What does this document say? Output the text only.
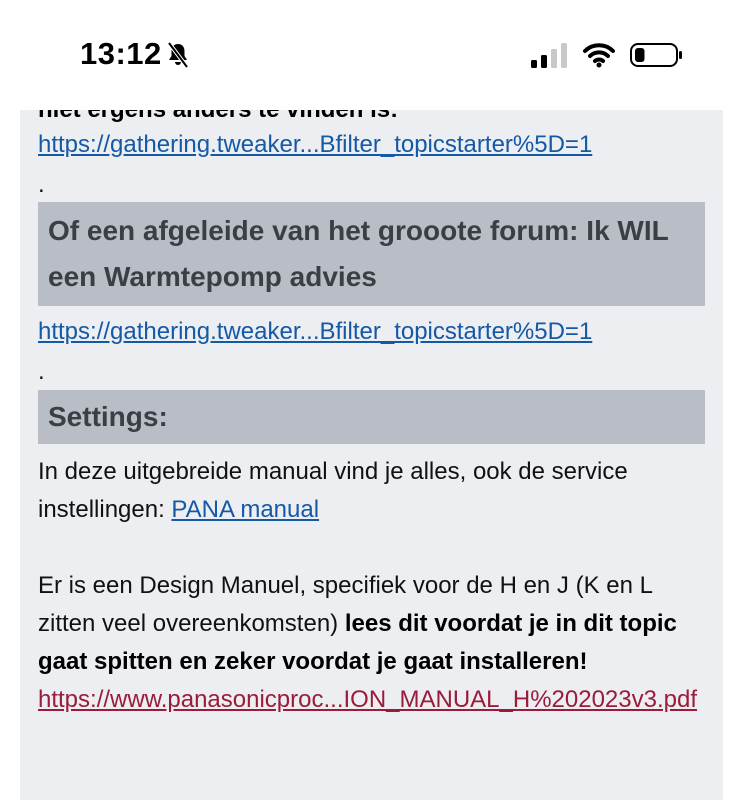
13:12
https://gathering.tweaker...Bfilter_topicstarter%5D=1
.
Of een afgeleide van het grooote forum: Ik WIL een Warmtepomp advies
https://gathering.tweaker...Bfilter_topicstarter%5D=1
.
Settings:
In deze uitgebreide manual vind je alles, ook de service instellingen: PANA manual
Er is een Design Manuel, specifiek voor de H en J (K en L zitten veel overeenkomsten) lees dit voordat je in dit topic gaat spitten en zeker voordat je gaat installeren!
https://www.panasonicproc...ION_MANUAL_H%202023v3.pdf
